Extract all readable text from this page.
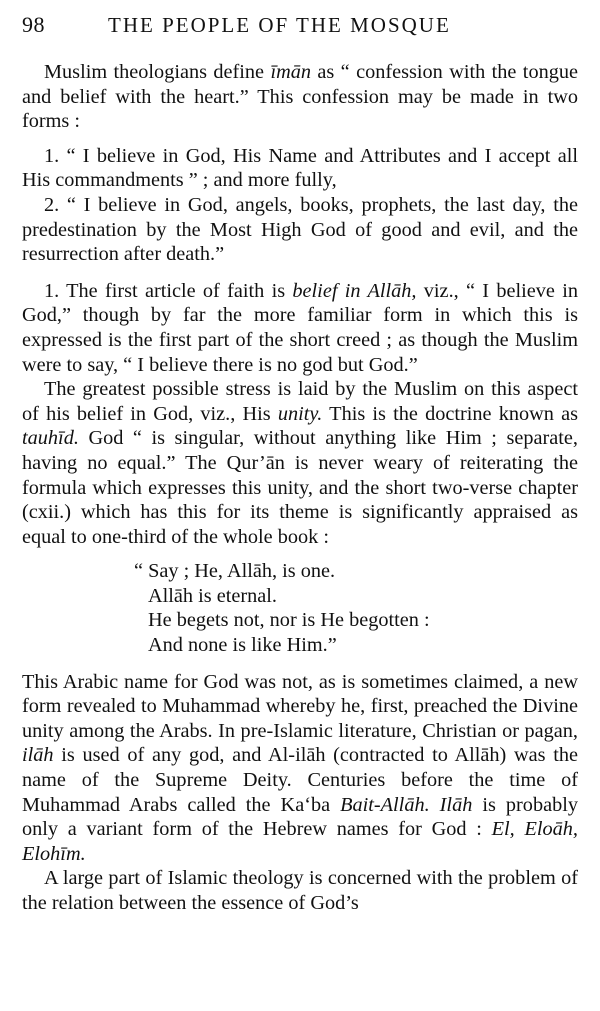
98	THE PEOPLE OF THE MOSQUE

Muslim theologians define īmān as “ confession with the tongue and belief with the heart.” This confession may be made in two forms :

1. “ I believe in God, His Name and Attributes and I accept all His commandments ” ; and more fully,

2. “ I believe in God, angels, books, prophets, the last day, the predestination by the Most High God of good and evil, and the resurrection after death.”

1. The first article of faith is belief in Allāh, viz., “ I believe in God,” though by far the more familiar form in which this is expressed is the first part of the short creed ; as though the Muslim were to say, “ I believe there is no god but God.”

The greatest possible stress is laid by the Muslim on this aspect of his belief in God, viz., His unity. This is the doctrine known as tauhīd. God “ is singular, without anything like Him ; separate, having no equal.” The Qur’ān is never weary of reiterating the formula which expresses this unity, and the short two-verse chapter (cxii.) which has this for its theme is significantly appraised as equal to one-third of the whole book :

“ Say ; He, Allāh, is one.
Allāh is eternal.
He begets not, nor is He begotten :
And none is like Him.”

This Arabic name for God was not, as is sometimes claimed, a new form revealed to Muhammad whereby he, first, preached the Divine unity among the Arabs. In pre-Islamic literature, Christian or pagan, ilāh is used of any god, and Al-ilāh (contracted to Allāh) was the name of the Supreme Deity. Centuries before the time of Muhammad Arabs called the Ka‘ba Bait-Allāh. Ilāh is probably only a variant form of the Hebrew names for God : El, Eloāh, Elohīm.

A large part of Islamic theology is concerned with the problem of the relation between the essence of God’s
